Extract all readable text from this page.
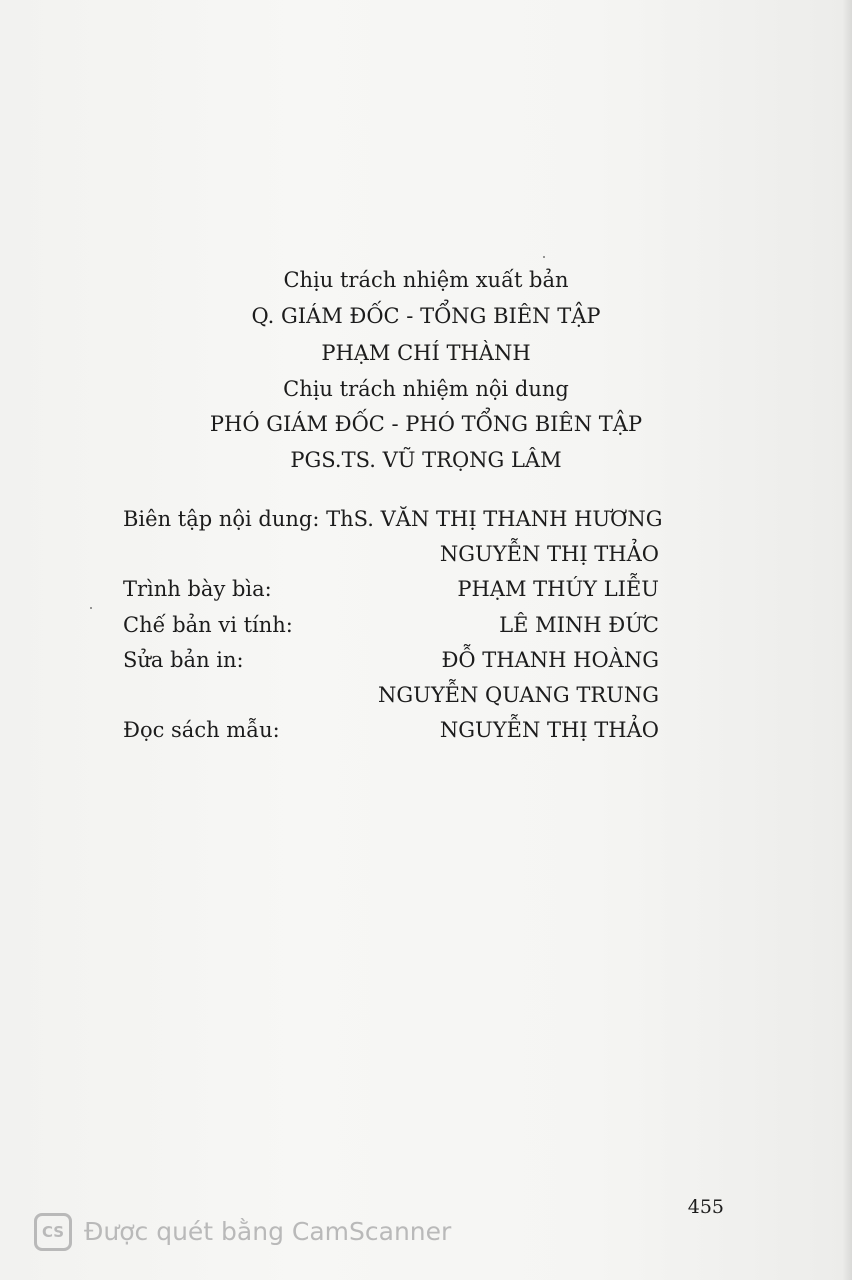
Chịu trách nhiệm xuất bản
Q. GIÁM ĐỐC - TỔNG BIÊN TẬP
PHẠM CHÍ THÀNH
Chịu trách nhiệm nội dung
PHÓ GIÁM ĐỐC - PHÓ TỔNG BIÊN TẬP
PGS.TS. VŨ TRỌNG LÂM
Biên tập nội dung: ThS. VĂN THỊ THANH HƯƠNG
NGUYỄN THỊ THẢO
Trình bày bìa:	PHẠM THÚY LIỄU
Chế bản vi tính:	LÊ MINH ĐỨC
Sửa bản in:	ĐỖ THANH HOÀNG
NGUYỄN QUANG TRUNG
Đọc sách mẫu:	NGUYỄN THỊ THẢO
455
CS Được quét bằng CamScanner
